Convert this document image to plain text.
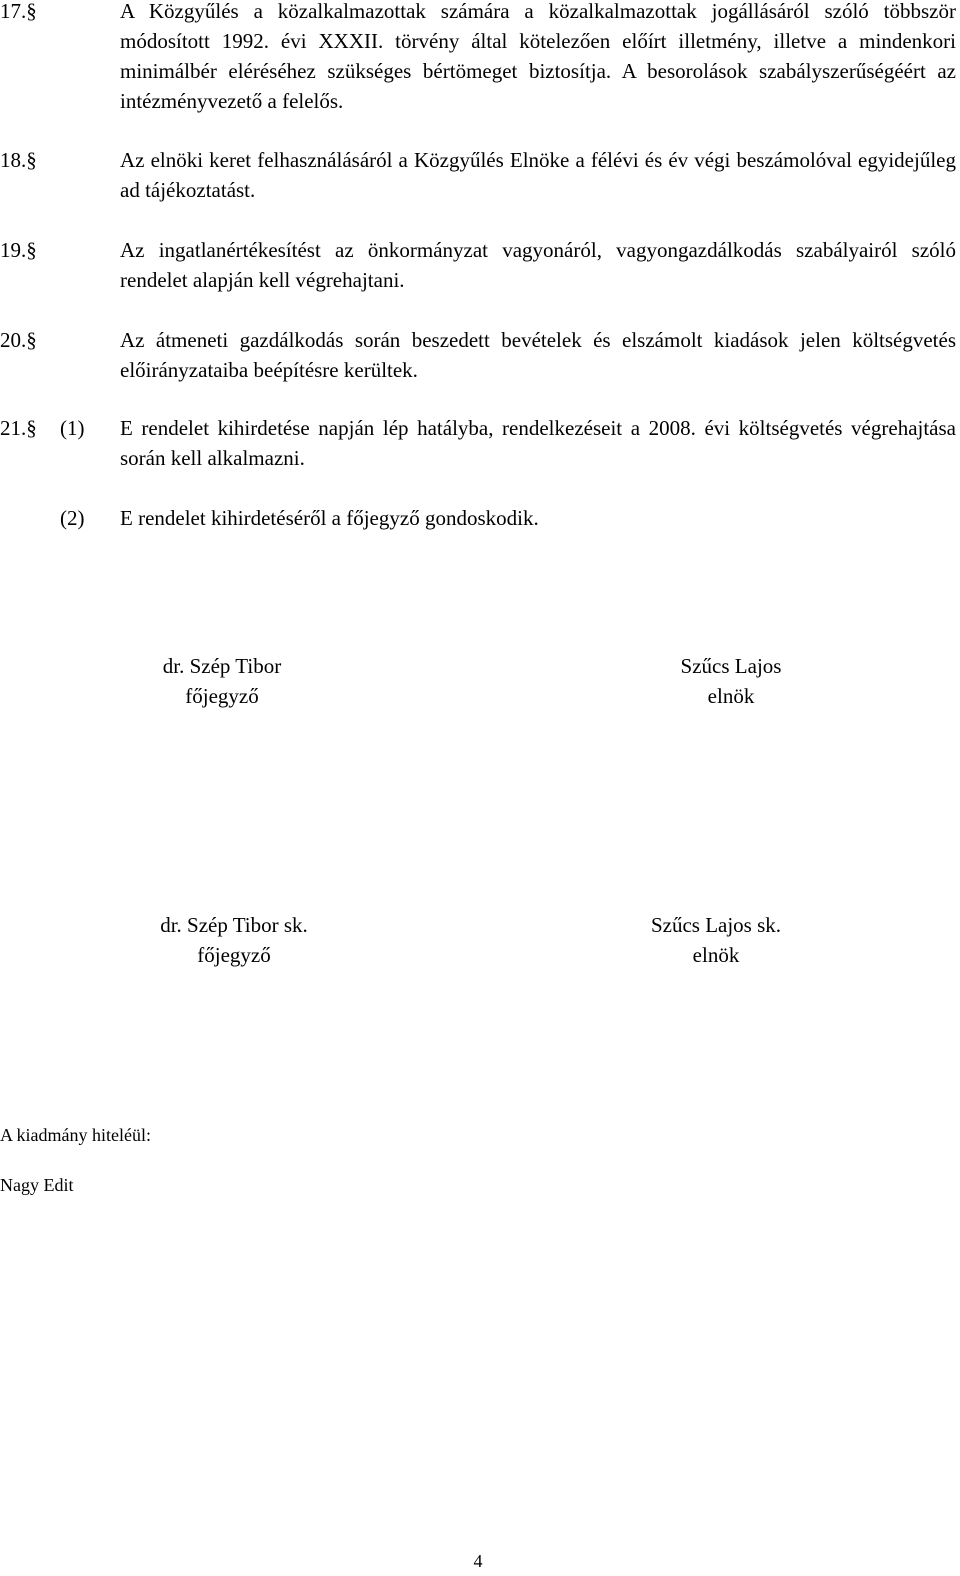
17.§	A Közgyűlés a közalkalmazottak számára a közalkalmazottak jogállásáról szóló többször módosított 1992. évi XXXII. törvény által kötelezően előírt illetmény, illetve a mindenkori minimálbér eléréséhez szükséges bértömeget biztosítja. A besorolások szabályszerűségéért az intézményvezető a felelős.
18.§	Az elnöki keret felhasználásáról a Közgyűlés Elnöke a félévi és év végi beszámolóval egyidejűleg ad tájékoztatást.
19.§	Az ingatlanértékesítést az önkormányzat vagyonáról, vagyongazdálkodás szabályairól szóló rendelet alapján kell végrehajtani.
20.§	Az átmeneti gazdálkodás során beszedett bevételek és elszámolt kiadások jelen költségvetés előirányzataiba beépítésre kerültek.
21.§ (1) E rendelet kihirdetése napján lép hatályba, rendelkezéseit a 2008. évi költségvetés végrehajtása során kell alkalmazni.
(2) E rendelet kihirdetéséről a főjegyző gondoskodik.
dr. Szép Tibor
főjegyző
Szűcs Lajos
elnök
dr. Szép Tibor sk.
főjegyző
Szűcs Lajos sk.
elnök
A kiadmány hiteléül:
Nagy Edit
4
